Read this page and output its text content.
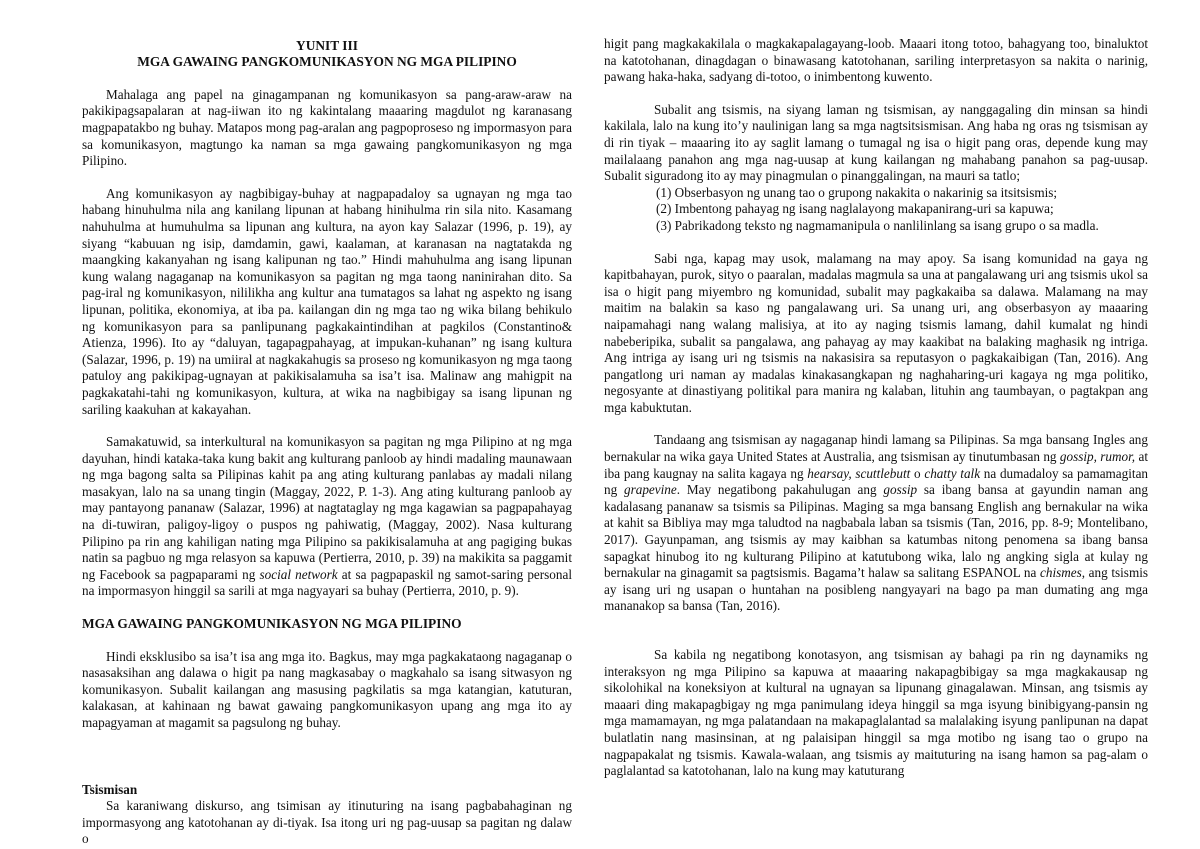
YUNIT III
MGA GAWAING PANGKOMUNIKASYON NG MGA PILIPINO

Mahalaga ang papel na ginagampanan ng komunikasyon sa pang-araw-araw na pakikipagsapalaran at nag-iiwan ito ng kakintalang maaaring magdulot ng karanasang magpapatakbo ng buhay. Matapos mong pag-aralan ang pagpoproseso ng impormasyon para sa komunikasyon, magtungo ka naman sa mga gawaing pangkomunikasyon ng mga Pilipino.

Ang komunikasyon ay nagbibigay-buhay at nagpapadaloy sa ugnayan ng mga tao habang hinuhulma nila ang kanilang lipunan at habang hinihulma rin sila nito. Kasamang nahuhulma at humuhulma sa lipunan ang kultura, na ayon kay Salazar (1996, p. 19), ay siyang “kabuuan ng isip, damdamin, gawi, kaalaman, at karanasan na nagtatakda ng maangking kakanyahan ng isang kalipunan ng tao.” Hindi mahuhulma ang isang lipunan kung walang nagaganap na komunikasyon sa pagitan ng mga taong naninirahan dito. Sa pag-iral ng komunikasyon, nililikha ang kultur ana tumatagos sa lahat ng aspekto ng isang lipunan, politika, ekonomiya, at iba pa. kailangan din ng mga tao ng wika bilang behikulo ng komunikasyon para sa panlipunang pagkakaintindihan at pagkilos (Constantino& Atienza, 1996). Ito ay “daluyan, tagapagpahayag, at impukan-kuhanan” ng isang kultura (Salazar, 1996, p. 19) na umiiral at nagkakahugis sa proseso ng komunikasyon ng mga taong patuloy ang pakikipag-ugnayan at pakikisalamuha sa isa’t isa. Malinaw ang mahigpit na pagkakatahi-tahi ng komunikasyon, kultura, at wika na nagbibigay sa isang lipunan ng sariling kaakuhan at kakayahan.

Samakatuwid, sa interkultural na komunikasyon sa pagitan ng mga Pilipino at ng mga dayuhan, hindi kataka-taka kung bakit ang kulturang panloob ay hindi madaling maunawaan ng mga bagong salta sa Pilipinas kahit pa ang ating kulturang panlabas ay madali nilang masakyan, lalo na sa unang tingin (Maggay, 2022, P. 1-3). Ang ating kulturang panloob ay may pantayong pananaw (Salazar, 1996) at nagtataglay ng mga kagawian sa pagpapahayag na di-tuwiran, paligoy-ligoy o puspos ng pahiwatig, (Maggay, 2002). Nasa kulturang Pilipino pa rin ang kahiligan nating mga Pilipino sa pakikisalamuha at ang pagiging bukas natin sa pagbuo ng mga relasyon sa kapuwa (Pertierra, 2010, p. 39) na makikita sa paggamit ng Facebook sa pagpaparami ng social network at sa pagpapaskil ng samot-saring personal na impormasyon hinggil sa sarili at mga nagyayari sa buhay (Pertierra, 2010, p. 9).

MGA GAWAING PANGKOMUNIKASYON NG MGA PILIPINO

Hindi eksklusibo sa isa’t isa ang mga ito. Bagkus, may mga pagkakataong nagaganap o nasasaksihan ang dalawa o higit pa nang magkasabay o magkahalo sa isang sitwasyon ng komunikasyon. Subalit kailangan ang masusing pagkilatis sa mga katangian, katuturan, kalakasan, at kahinaan ng bawat gawaing pangkomunikasyon upang ang mga ito ay mapagyaman at magamit sa pagsulong ng buhay.

Tsismisan

Sa karaniwang diskurso, ang tsimisan ay itinuturing na isang pagbabahaginan ng impormasyong ang katotohanan ay di-tiyak. Isa itong uri ng pag-uusap sa pagitan ng dalaw o

higit pang magkakakilala o magkakapalagayang-loob. Maaari itong totoo, bahagyang too, binaluktot na katotohanan, dinagdagan o binawasang katotohanan, sariling interpretasyon sa nakita o narinig, pawang haka-haka, sadyang di-totoo, o inimbentong kuwento.

Subalit ang tsismis, na siyang laman ng tsismisan, ay nanggagaling din minsan sa hindi kakilala, lalo na kung ito’y naulinigan lang sa mga nagtsitsismisan. Ang haba ng oras ng tsismisan ay di rin tiyak – maaaring ito ay saglit lamang o tumagal ng isa o higit pang oras, depende kung may mailalaang panahon ang mga nag-uusap at kung kailangan ng mahabang panahon sa pag-uusap. Subalit siguradong ito ay may pinagmulan o pinanggalingan, na mauri sa tatlo;

(1) Obserbasyon ng unang tao o grupong nakakita o nakarinig sa itsitsismis;
(2) Imbentong pahayag ng isang naglalayong makapanirang-uri sa kapuwa;
(3) Pabrikadong teksto ng nagmamanipula o nanlilinlang sa isang grupo o sa madla.

Sabi nga, kapag may usok, malamang na may apoy. Sa isang komunidad na gaya ng kapitbahayan, purok, sityo o paaralan, madalas magmula sa una at pangalawang uri ang tsismis ukol sa isa o higit pang miyembro ng komunidad, subalit may pagkakaiba sa dalawa. Malamang na may maitim na balakin sa kaso ng pangalawang uri. Sa unang uri, ang obserbasyon ay maaaring naipamahagi nang walang malisiya, at ito ay naging tsismis lamang, dahil kumalat ng hindi nabeberipika, subalit sa pangalawa, ang pahayag ay may kaakibat na balaking maghasik ng intriga. Ang intriga ay isang uri ng tsismis na nakasisira sa reputasyon o pagkakaibigan (Tan, 2016). Ang pangatlong uri naman ay madalas kinakasangkapan ng naghaharing-uri kagaya ng mga politiko, negosyante at dinastiyang politikal para manira ng kalaban, lituhin ang taumbayan, o pagtakpan ang mga kabuktutan.

Tandaang ang tsismisan ay nagaganap hindi lamang sa Pilipinas. Sa mga bansang Ingles ang bernakular na wika gaya United States at Australia, ang tsismisan ay tinutumbasan ng gossip, rumor, at iba pang kaugnay na salita kagaya ng hearsay, scuttlebutt o chatty talk na dumadaloy sa pamamagitan ng grapevine. May negatibong pakahulugan ang gossip sa ibang bansa at gayundin naman ang kadalasang pananaw sa tsismis sa Pilipinas. Maging sa mga bansang English ang bernakular na wika at kahit sa Bibliya may mga taludtod na nagbabala laban sa tsismis (Tan, 2016, pp. 8-9; Montelibano, 2017). Gayunpaman, ang tsismis ay may kaibhan sa katumbas nitong penomena sa ibang bansa sapagkat hinubog ito ng kulturang Pilipino at katutubong wika, lalo ng angking sigla at kulay ng bernakular na ginagamit sa pagtsismis. Bagama’t halaw sa salitang ESPANOL na chismes, ang tsismis ay isang uri ng usapan o huntahan na posibleng nangyayari na bago pa man dumating ang mga mananakop sa bansa (Tan, 2016).

Sa kabila ng negatibong konotasyon, ang tsismisan ay bahagi pa rin ng daynamiks ng interaksyon ng mga Pilipino sa kapuwa at maaaring nakapagbibigay sa mga magkakausap ng sikolohikal na koneksiyon at kultural na ugnayan sa lipunang ginagalawan. Minsan, ang tsismis ay maaari ding makapagbigay ng mga panimulang ideya hinggil sa mga isyung binibigyang-pansin ng mga mamamayan, ng mga palatandaan na makapaglalantad sa malalaking isyung panlipunan na dapat bulatlatin nang masinsinan, at ng palaisipan hinggil sa mga motibo ng isang tao o grupo na nagpapakalat ng tsismis. Kawala-walaan, ang tsismis ay maituturing na isang hamon sa pag-alam o paglalantad sa katotohanan, lalo na kung may katuturang
